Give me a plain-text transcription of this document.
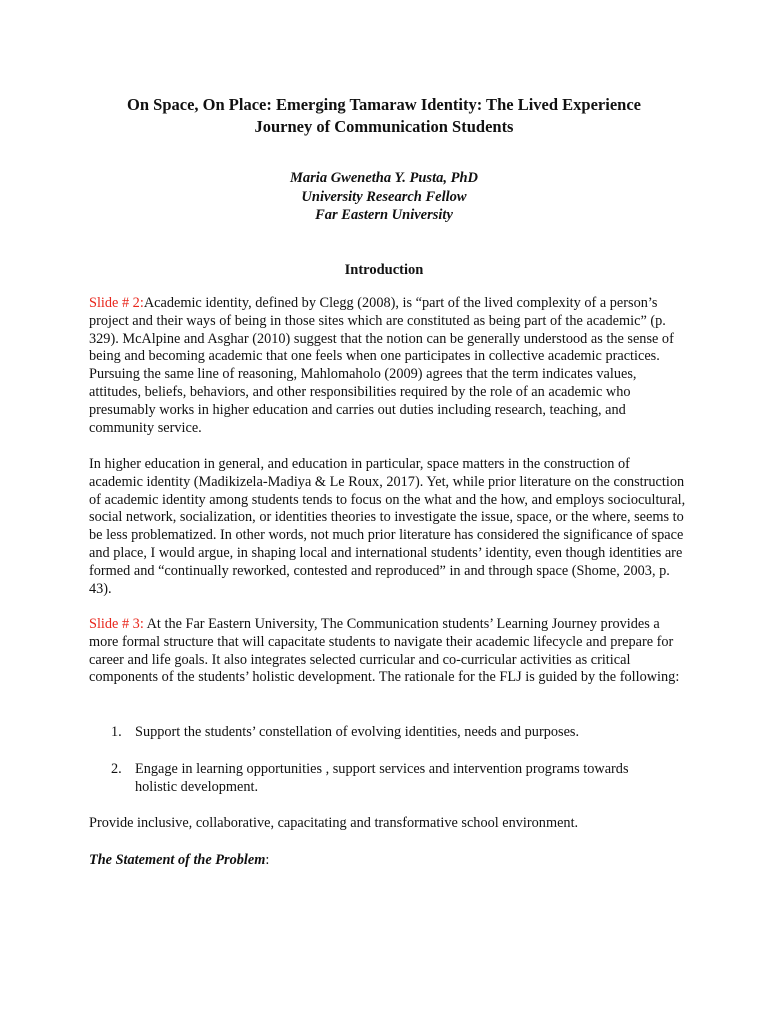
On Space, On Place: Emerging Tamaraw Identity: The Lived Experience
Journey of Communication Students
Maria Gwenetha Y. Pusta, PhD
University Research Fellow
Far Eastern University
Introduction

Slide # 2:Academic identity, defined by Clegg (2008), is “part of the lived complexity of a person’s project and their ways of being in those sites which are constituted as being part of the academic” (p. 329). McAlpine and Asghar (2010) suggest that the notion can be generally understood as the sense of being and becoming academic that one feels when one participates in collective academic practices. Pursuing the same line of reasoning, Mahlomaholo (2009) agrees that the term indicates values, attitudes, beliefs, behaviors, and other responsibilities required by the role of an academic who presumably works in higher education and carries out duties including research, teaching, and community service.

In higher education in general, and education in particular, space matters in the construction of academic identity (Madikizela-Madiya & Le Roux, 2017). Yet, while prior literature on the construction of academic identity among students tends to focus on the what and the how, and employs sociocultural, social network, socialization, or identities theories to investigate the issue, space, or the where, seems to be less problematized. In other words, not much prior literature has considered the significance of space and place, I would argue, in shaping local and international students’ identity, even though identities are formed and “continually reworked, contested and reproduced” in and through space (Shome, 2003, p. 43).

Slide # 3: At the Far Eastern University, The Communication students’ Learning Journey provides a more formal structure that will capacitate students to navigate their academic lifecycle and prepare for career and life goals. It also integrates selected curricular and co-curricular activities as critical components of the students’ holistic development. The rationale for the FLJ is guided by the following:

1. Support the students’ constellation of evolving identities, needs and purposes.
2. Engage in learning opportunities , support services and intervention programs towards holistic development.

Provide inclusive, collaborative, capacitating and transformative school environment.

The Statement of the Problem:
